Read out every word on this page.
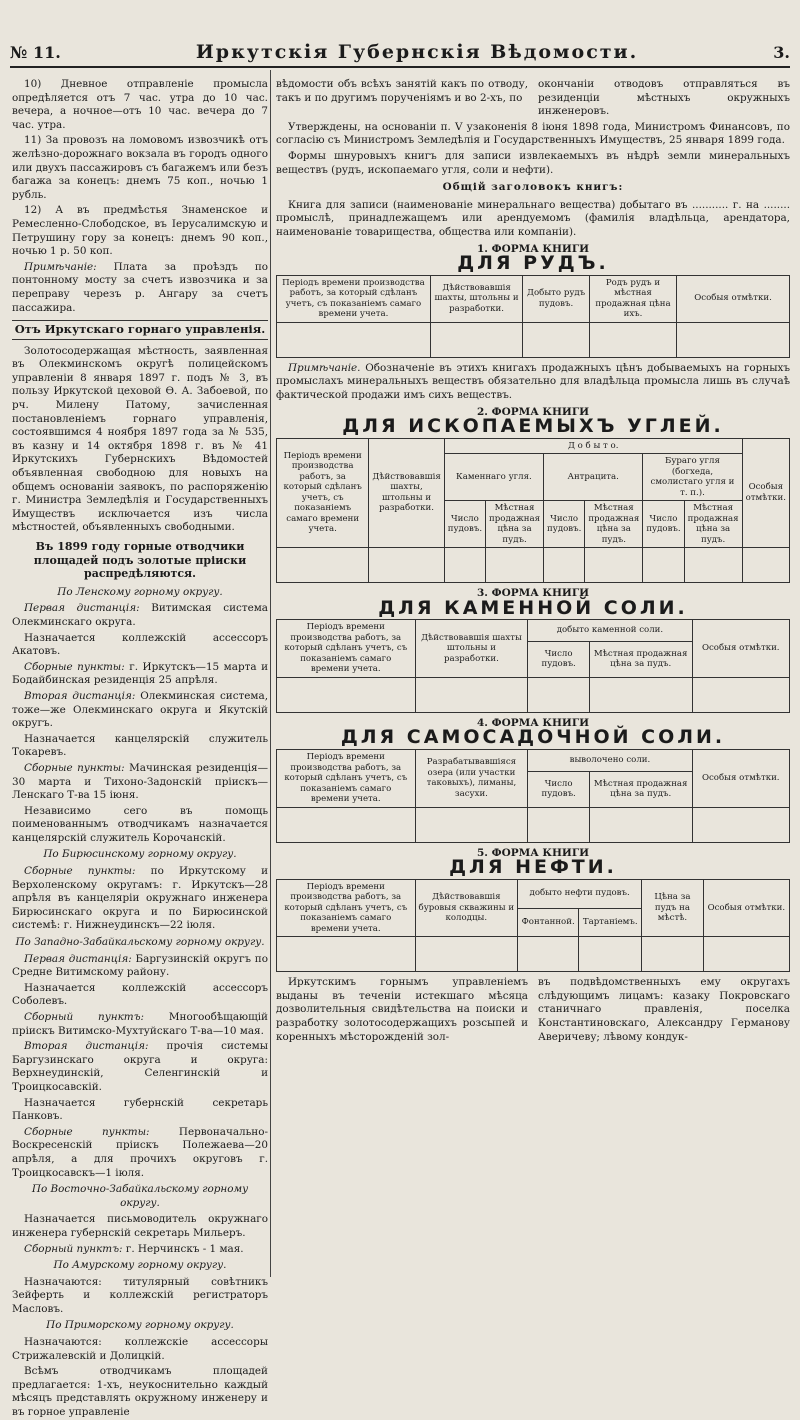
№ 11.	Иркутскія Губернскія Вѣдомости.	3.

10) Дневное отправленіе промысла опредѣляется отъ 7 час. утра до 10 час. вечера, а ночное—отъ 10 час. вечера до 7 час. утра.

11) За провозъ на ломовомъ извозчикѣ отъ желѣзно-дорожнаго вокзала въ городъ одного или двухъ пассажировъ съ багажемъ или безъ багажа за конецъ: днемъ 75 коп., ночью 1 рубль.

12) А въ предмѣстья Знаменское и Ремесленно-Слободское, въ Іерусалимскую и Петрушину гору за конецъ: днемъ 90 коп., ночью 1 р. 50 коп.

Примѣчаніе: Плата за проѣздъ по понтонному мосту за счетъ извозчика и за переправу черезъ р. Ангару за счетъ пассажира.

Отъ Иркутскаго горнаго управленія.

Золотосодержащая мѣстность, заявленная въ Олекминскомъ округѣ полицейскомъ управленіи 8 января 1897 г. подъ № 3, въ пользу Иркутской цеховой Ѳ. А. Забоевой, по рч. Милену Патому, зачисленная постановленіемъ горнаго управленія, состоявшимся 4 ноября 1897 года за № 535, въ казну и 14 октября 1898 г. въ № 41 Иркутскихъ Губернскихъ Вѣдомостей объявленная свободною для новыхъ на общемъ основаніи заявокъ, по распоряженію г. Министра Земледѣлія и Государственныхъ Имуществъ исключается изъ числа мѣстностей, объявленныхъ свободными.

Въ 1899 году горные отводчики площадей подъ золотые пріиски распредѣляются.

По Ленскому горному округу.

Первая дистанція: Витимская система Олекминскаго округа.

Назначается коллежскій ассессоръ Акатовъ.

Сборные пункты: г. Иркутскъ—15 марта и Бодайбинская резиденція 25 апрѣля.

Вторая дистанція: Олекминская система, тоже—же Олекминскаго округа и Якутскій округъ.

Назначается канцелярскій служитель Токаревъ.

Сборные пункты: Мачинская резиденція—30 марта и Тихоно-Задонскій пріискъ—Ленскаго Т-ва 15 іюня.

Независимо сего въ помощь поименованнымъ отводчикамъ назначается канцелярскій служитель Корочанскій.

По Бирюсинскому горному округу.

Сборные пункты: по Иркутскому и Верхоленскому округамъ: г. Иркутскъ—28 апрѣля въ канцеляріи окружнаго инженера Бирюсинскаго округа и по Бирюсинской системѣ: г. Нижнеудинскъ—22 іюля.

По Западно-Забайкальскому горному округу.

Первая дистанція: Баргузинскій округъ по Средне Витимскому району.

Назначается коллежскій ассессоръ Соболевъ.

Сборный пунктъ: Многообѣщающій пріискъ Витимско-Мухтуйскаго Т-ва—10 мая.

Вторая дистанція: прочія системы Баргузинскаго округа и округа: Верхнеудинскій, Селенгинскій и Троицкосавскій.

Назначается губернскій секретарь Панковъ.

Сборные пункты:	Первоначально-Воскресенскій пріискъ Полежаева—20 апрѣля, а для прочихъ округовъ г. Троицкосавскъ—1 іюля.

По Восточно-Забайкальскому горному округу.

Назначается письмоводитель окружнаго инженера губернскій секретарь Мильеръ.

Сборный пунктъ: г. Нерчинскъ - 1 мая.

По Амурскому горному округу.

Назначаются: титулярный совѣтникъ Зейферть и коллежскій регистраторъ Масловъ.

По Приморскому горному округу.

Назначаются: коллежскіе ассессоры Стрижалевскій и Долицкій.

Всѣмъ отводчикамъ площадей предлагается: 1-хъ, неукоснительно каждый мѣсяцъ представлять окружному инженеру и въ горное управленіе

вѣдомости объ всѣхъ занятій какъ по отводу, такъ и по другимъ порученіямъ и во 2-хъ, по

окончаніи отводовъ отправляться въ резиденціи мѣстныхъ окружныхъ инженеровъ.

Утверждены, на основаніи п. V узаконенія 8 іюня 1898 года, Министромъ Финансовъ, по согласію съ Министромъ Земледѣлія и Государственныхъ Имуществъ, 25 января 1899 года.

Формы шнуровыхъ книгъ для записи извлекаемыхъ въ нѣдрѣ земли минеральныхъ веществъ (рудъ, ископаемаго угля, соли и нефти).

Общій заголовокъ книгъ:

Книга для записи (наименованіе минеральнаго вещества) добытаго въ ........... г. на ........ промыслѣ, принадлежащемъ или арендуемомъ (фамилія владѣльца, арендатора, наименованіе товарищества, общества или компаніи).

1. ФОРМА КНИГИ

ДЛЯ РУДЪ.

Періодъ времени производства работъ, за который сдѣланъ учетъ, съ показаніемъ самаго времени учета.	Дѣйствовавшія шахты, штольны и разработки.	Добыто рудъ пудовъ.	Родъ рудъ и мѣстная продажная цѣна ихъ.	Особыя отмѣтки.

Примѣчаніе. Обозначеніе въ этихъ книгахъ продажныхъ цѣнъ добываемыхъ на горныхъ промыслахъ минеральныхъ веществъ обязательно для владѣльца промысла лишь въ случаѣ фактической продажи имъ сихъ веществъ.

2. ФОРМА КНИГИ

ДЛЯ ИСКОПАЕМЫХЪ УГЛЕЙ.

Періодъ времени производства работъ, за который сдѣланъ учетъ, съ показаніемъ самаго времени учета.	Дѣйствовавшія шахты, штольны и разработки.	Д о б ы т о.						Особыя отмѣтки.
		Каменнаго угля.		Антрацита.		Бураго угля (богхеда, смолистаго угля и т. п.).		
		Число пудовъ.	Мѣстная продажная цѣна за пудъ.	Число пудовъ.	Мѣстная продажная цѣна за пудъ.	Число пудовъ.	Мѣстная продажная цѣна за пудъ.	

3. ФОРМА КНИГИ

ДЛЯ КАМЕННОЙ СОЛИ.

Періодъ времени производства работъ, за который сдѣланъ учетъ, съ показаніемъ самаго времени учета.	Дѣйствовавшія шахты штольны и разработки.	добыто каменной соли.		Особыя отмѣтки.
		Число пудовъ.	Мѣстная продажная цѣна за пудъ.	

4. ФОРМА КНИГИ

ДЛЯ САМОСАДОЧНОЙ СОЛИ.

Періодъ времени производства работъ, за который сдѣланъ учетъ, съ показаніемъ самаго времени учета.	Разрабатывавшіяся озера (или участки таковыхъ), лиманы, засухи.	выволочено соли.		Особыя отмѣтки.
		Число пудовъ.	Мѣстная продажная цѣна за пудъ.	

5. ФОРМА КНИГИ

ДЛЯ НЕФТИ.

Періодъ времени производства работъ, за который сдѣланъ учетъ, съ показаніемъ самаго времени учета.	Дѣйствовавшія буровыя скважины и колодцы.	добыто нефти пудовъ.		Цѣна за пудъ на мѣстѣ.	Особыя отмѣтки.
		Фонтанной.	Тартаніемъ.		

Иркутскимъ горнымъ управленіемъ выданы въ теченіи истекшаго мѣсяца дозволительныя свидѣтельства на поиски и разработку золотосодержащихъ розсыпей и коренныхъ мѣсторожденій зол-

въ подвѣдомственныхъ ему округахъ слѣдующимъ лицамъ: казаку Покровскаго станичнаго правленія, поселка Константиновскаго, Александру Германову Аверичеву; лѣвому кондук-
